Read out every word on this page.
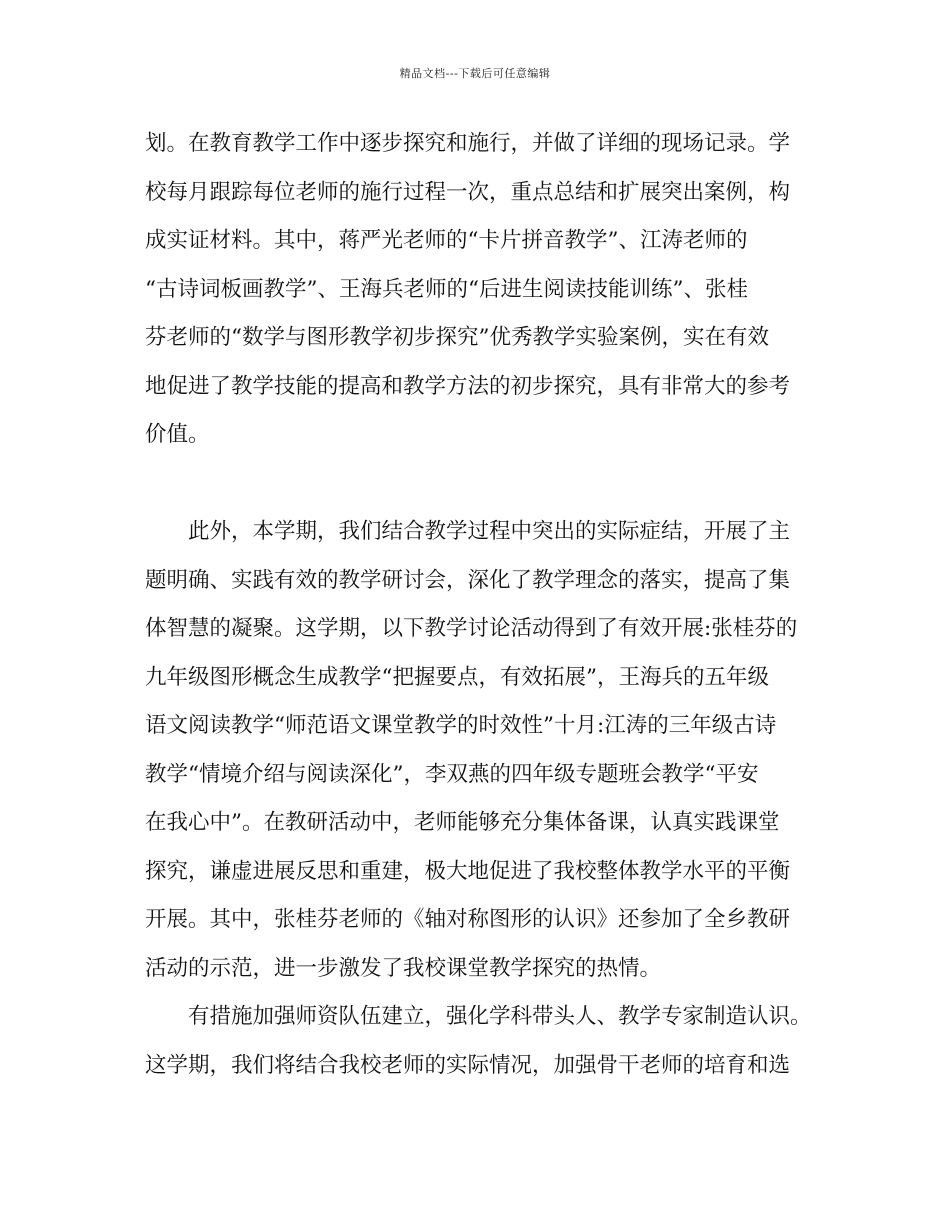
精品文档---下载后可任意编辑
划。在教育教学工作中逐步探究和施行，并做了详细的现场记录。学
校每月跟踪每位老师的施行过程一次，重点总结和扩展突出案例，构
成实证材料。其中，蒋严光老师的“卡片拼音教学”、江涛老师的
“古诗词板画教学”、王海兵老师的“后进生阅读技能训练”、张桂
芬老师的“数学与图形教学初步探究”优秀教学实验案例，实在有效
地促进了教学技能的提高和教学方法的初步探究，具有非常大的参考
价值。
　　此外，本学期，我们结合教学过程中突出的实际症结，开展了主
题明确、实践有效的教学研讨会，深化了教学理念的落实，提高了集
体智慧的凝聚。这学期，以下教学讨论活动得到了有效开展:张桂芬的
九年级图形概念生成教学“把握要点，有效拓展”，王海兵的五年级
语文阅读教学“师范语文课堂教学的时效性”十月:江涛的三年级古诗
教学“情境介绍与阅读深化”，李双燕的四年级专题班会教学“平安
在我心中”。在教研活动中，老师能够充分集体备课，认真实践课堂
探究，谦虚进展反思和重建，极大地促进了我校整体教学水平的平衡
开展。其中，张桂芬老师的《轴对称图形的认识》还参加了全乡教研
活动的示范，进一步激发了我校课堂教学探究的热情。
　　有措施加强师资队伍建立，强化学科带头人、教学专家制造认识。
这学期，我们将结合我校老师的实际情况，加强骨干老师的培育和选
